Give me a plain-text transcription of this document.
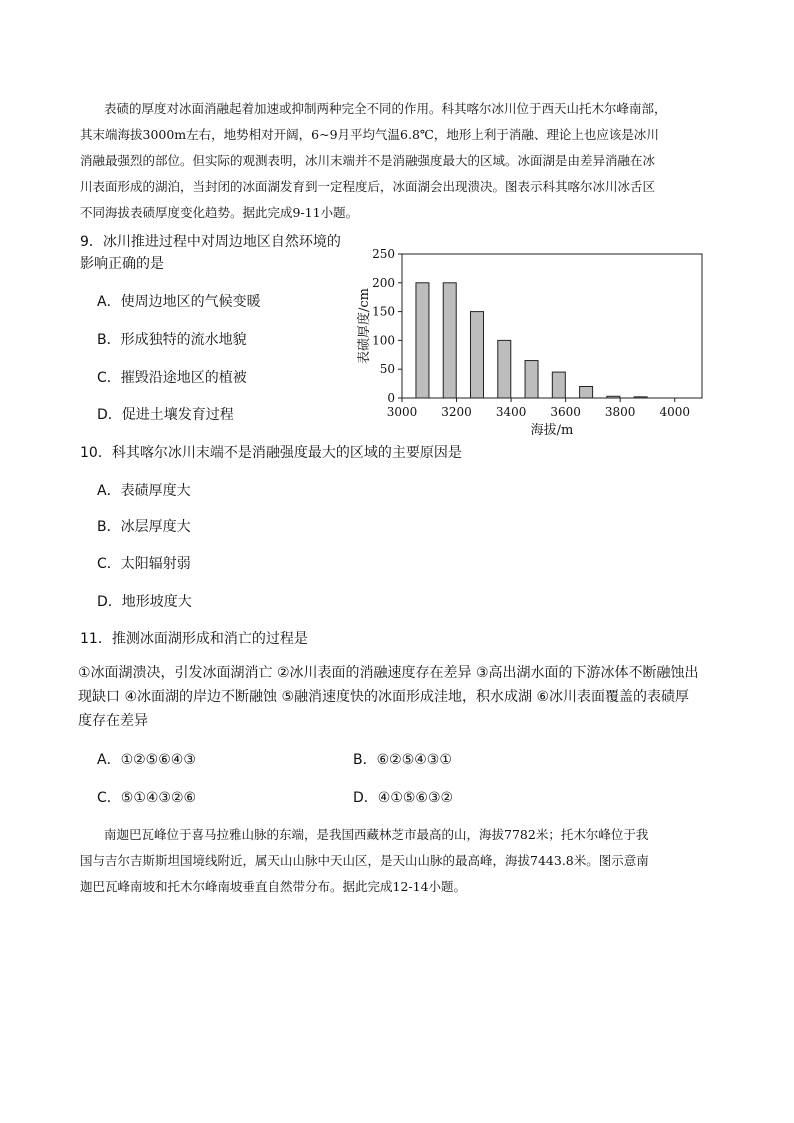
表碛的厚度对冰面消融起着加速或抑制两种完全不同的作用。科其喀尔冰川位于西天山托木尔峰南部，
其末端海拔3000m左右，地势相对开阔，6~9月平均气温6.8℃，地形上利于消融、理论上也应该是冰川
消融最强烈的部位。但实际的观测表明，冰川末端并不是消融强度最大的区域。冰面湖是由差异消融在冰
川表面形成的湖泊，当封闭的冰面湖发育到一定程度后，冰面湖会出现溃决。图表示科其喀尔冰川冰舌区
不同海拔表碛厚度变化趋势。据此完成9-11小题。
9．冰川推进过程中对周边地区自然环境的
影响正确的是
A．使周边地区的气候变暖
B．形成独特的流水地貌
C．摧毁沿途地区的植被
D．促进土壤发育过程
0
50
100
150
200
250
3000 3200 3400 3600 3800 4000
海拔/m
表碛厚度/cm
10．科其喀尔冰川末端不是消融强度最大的区域的主要原因是
A．表碛厚度大
B．冰层厚度大
C．太阳辐射弱
D．地形坡度大
11．推测冰面湖形成和消亡的过程是
①冰面湖溃决，引发冰面湖消亡 ②冰川表面的消融速度存在差异 ③高出湖水面的下游冰体不断融蚀出
现缺口 ④冰面湖的岸边不断融蚀 ⑤融消速度快的冰面形成洼地，积水成湖 ⑥冰川表面覆盖的表碛厚
度存在差异
A．①②⑤⑥④③	B．⑥②⑤④③①
C．⑤①④③②⑥	D．④①⑤⑥③②
南迦巴瓦峰位于喜马拉雅山脉的东端，是我国西藏林芝市最高的山，海拔7782米；托木尔峰位于我
国与吉尔吉斯斯坦国境线附近，属天山山脉中天山区，是天山山脉的最高峰，海拔7443.8米。图示意南
迦巴瓦峰南坡和托木尔峰南坡垂直自然带分布。据此完成12-14小题。
